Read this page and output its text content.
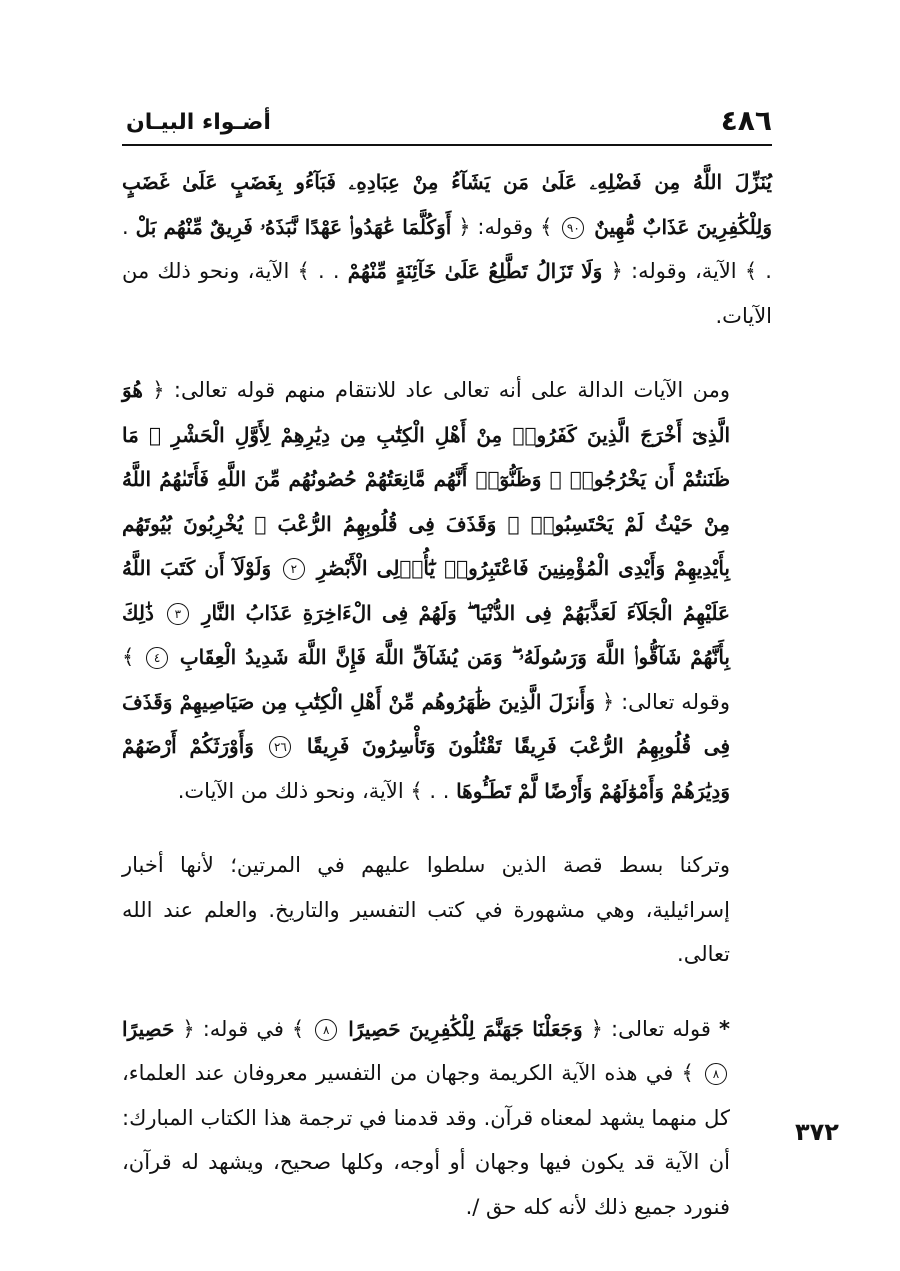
٤٨٦
أضـواء البيـان

يُنَزِّلَ اللَّهُ مِن فَضْلِهِۦ عَلَىٰ مَن يَشَآءُ مِنْ عِبَادِهِۦ فَبَآءُو بِغَضَبٍ عَلَىٰ غَضَبٍ وَلِلْكَٰفِرِينَ عَذَابٌ مُّهِينٌ ٩٠ ﴾ وقوله: ﴿ أَوَكُلَّمَا عَٰهَدُوا۟ عَهْدًا نَّبَذَهُۥ فَرِيقٌ مِّنْهُم بَلْ . . ﴾ الآية، وقوله: ﴿ وَلَا تَزَالُ تَطَّلِعُ عَلَىٰ خَآئِنَةٍ مِّنْهُمْ . . ﴾ الآية، ونحو ذلك من الآيات.

ومن الآيات الدالة على أنه تعالى عاد للانتقام منهم قوله تعالى: ﴿ هُوَ الَّذِىٓ أَخْرَجَ الَّذِينَ كَفَرُوا۟ مِنْ أَهْلِ الْكِتَٰبِ مِن دِيَٰرِهِمْ لِأَوَّلِ الْحَشْرِ ۚ مَا ظَنَنتُمْ أَن يَخْرُجُوا۟ ۖ وَظَنُّوٓا۟ أَنَّهُم مَّانِعَتُهُمْ حُصُونُهُم مِّنَ اللَّهِ فَأَتَىٰهُمُ اللَّهُ مِنْ حَيْثُ لَمْ يَحْتَسِبُوا۟ ۖ وَقَذَفَ فِى قُلُوبِهِمُ الرُّعْبَ ۚ يُخْرِبُونَ بُيُوتَهُم بِأَيْدِيهِمْ وَأَيْدِى الْمُؤْمِنِينَ فَاعْتَبِرُوا۟ يَٰٓأُو۟لِى الْأَبْصَٰرِ ٢ وَلَوْلَآ أَن كَتَبَ اللَّهُ عَلَيْهِمُ الْجَلَآءَ لَعَذَّبَهُمْ فِى الدُّنْيَا ۖ وَلَهُمْ فِى الْءَاخِرَةِ عَذَابُ النَّارِ ٣ ذَٰلِكَ بِأَنَّهُمْ شَآقُّوا۟ اللَّهَ وَرَسُولَهُۥ ۖ وَمَن يُشَآقِّ اللَّهَ فَإِنَّ اللَّهَ شَدِيدُ الْعِقَابِ ٤ ﴾ وقوله تعالى: ﴿ وَأَنزَلَ الَّذِينَ ظَٰهَرُوهُم مِّنْ أَهْلِ الْكِتَٰبِ مِن صَيَاصِيهِمْ وَقَذَفَ فِى قُلُوبِهِمُ الرُّعْبَ فَرِيقًا تَقْتُلُونَ وَتَأْسِرُونَ فَرِيقًا ٢٦ وَأَوْرَثَكُمْ أَرْضَهُمْ وَدِيَٰرَهُمْ وَأَمْوَٰلَهُمْ وَأَرْضًا لَّمْ تَطَـُٔوهَا . . ﴾ الآية، ونحو ذلك من الآيات.

وتركنا بسط قصة الذين سلطوا عليهم في المرتين؛ لأنها أخبار إسرائيلية، وهي مشهورة في كتب التفسير والتاريخ. والعلم عند الله تعالى.

* قوله تعالى: ﴿ وَجَعَلْنَا جَهَنَّمَ لِلْكَٰفِرِينَ حَصِيرًا ٨ ﴾ في قوله: ﴿ حَصِيرًا ٨ ﴾ في هذه الآية الكريمة وجهان من التفسير معروفان عند العلماء، كل منهما يشهد لمعناه قرآن. وقد قدمنا في ترجمة هذا الكتاب المبارك: أن الآية قد يكون فيها وجهان أو أوجه، وكلها صحيح، ويشهد له قرآن، فنورد جميع ذلك لأنه كله حق /.

٣٧٢
